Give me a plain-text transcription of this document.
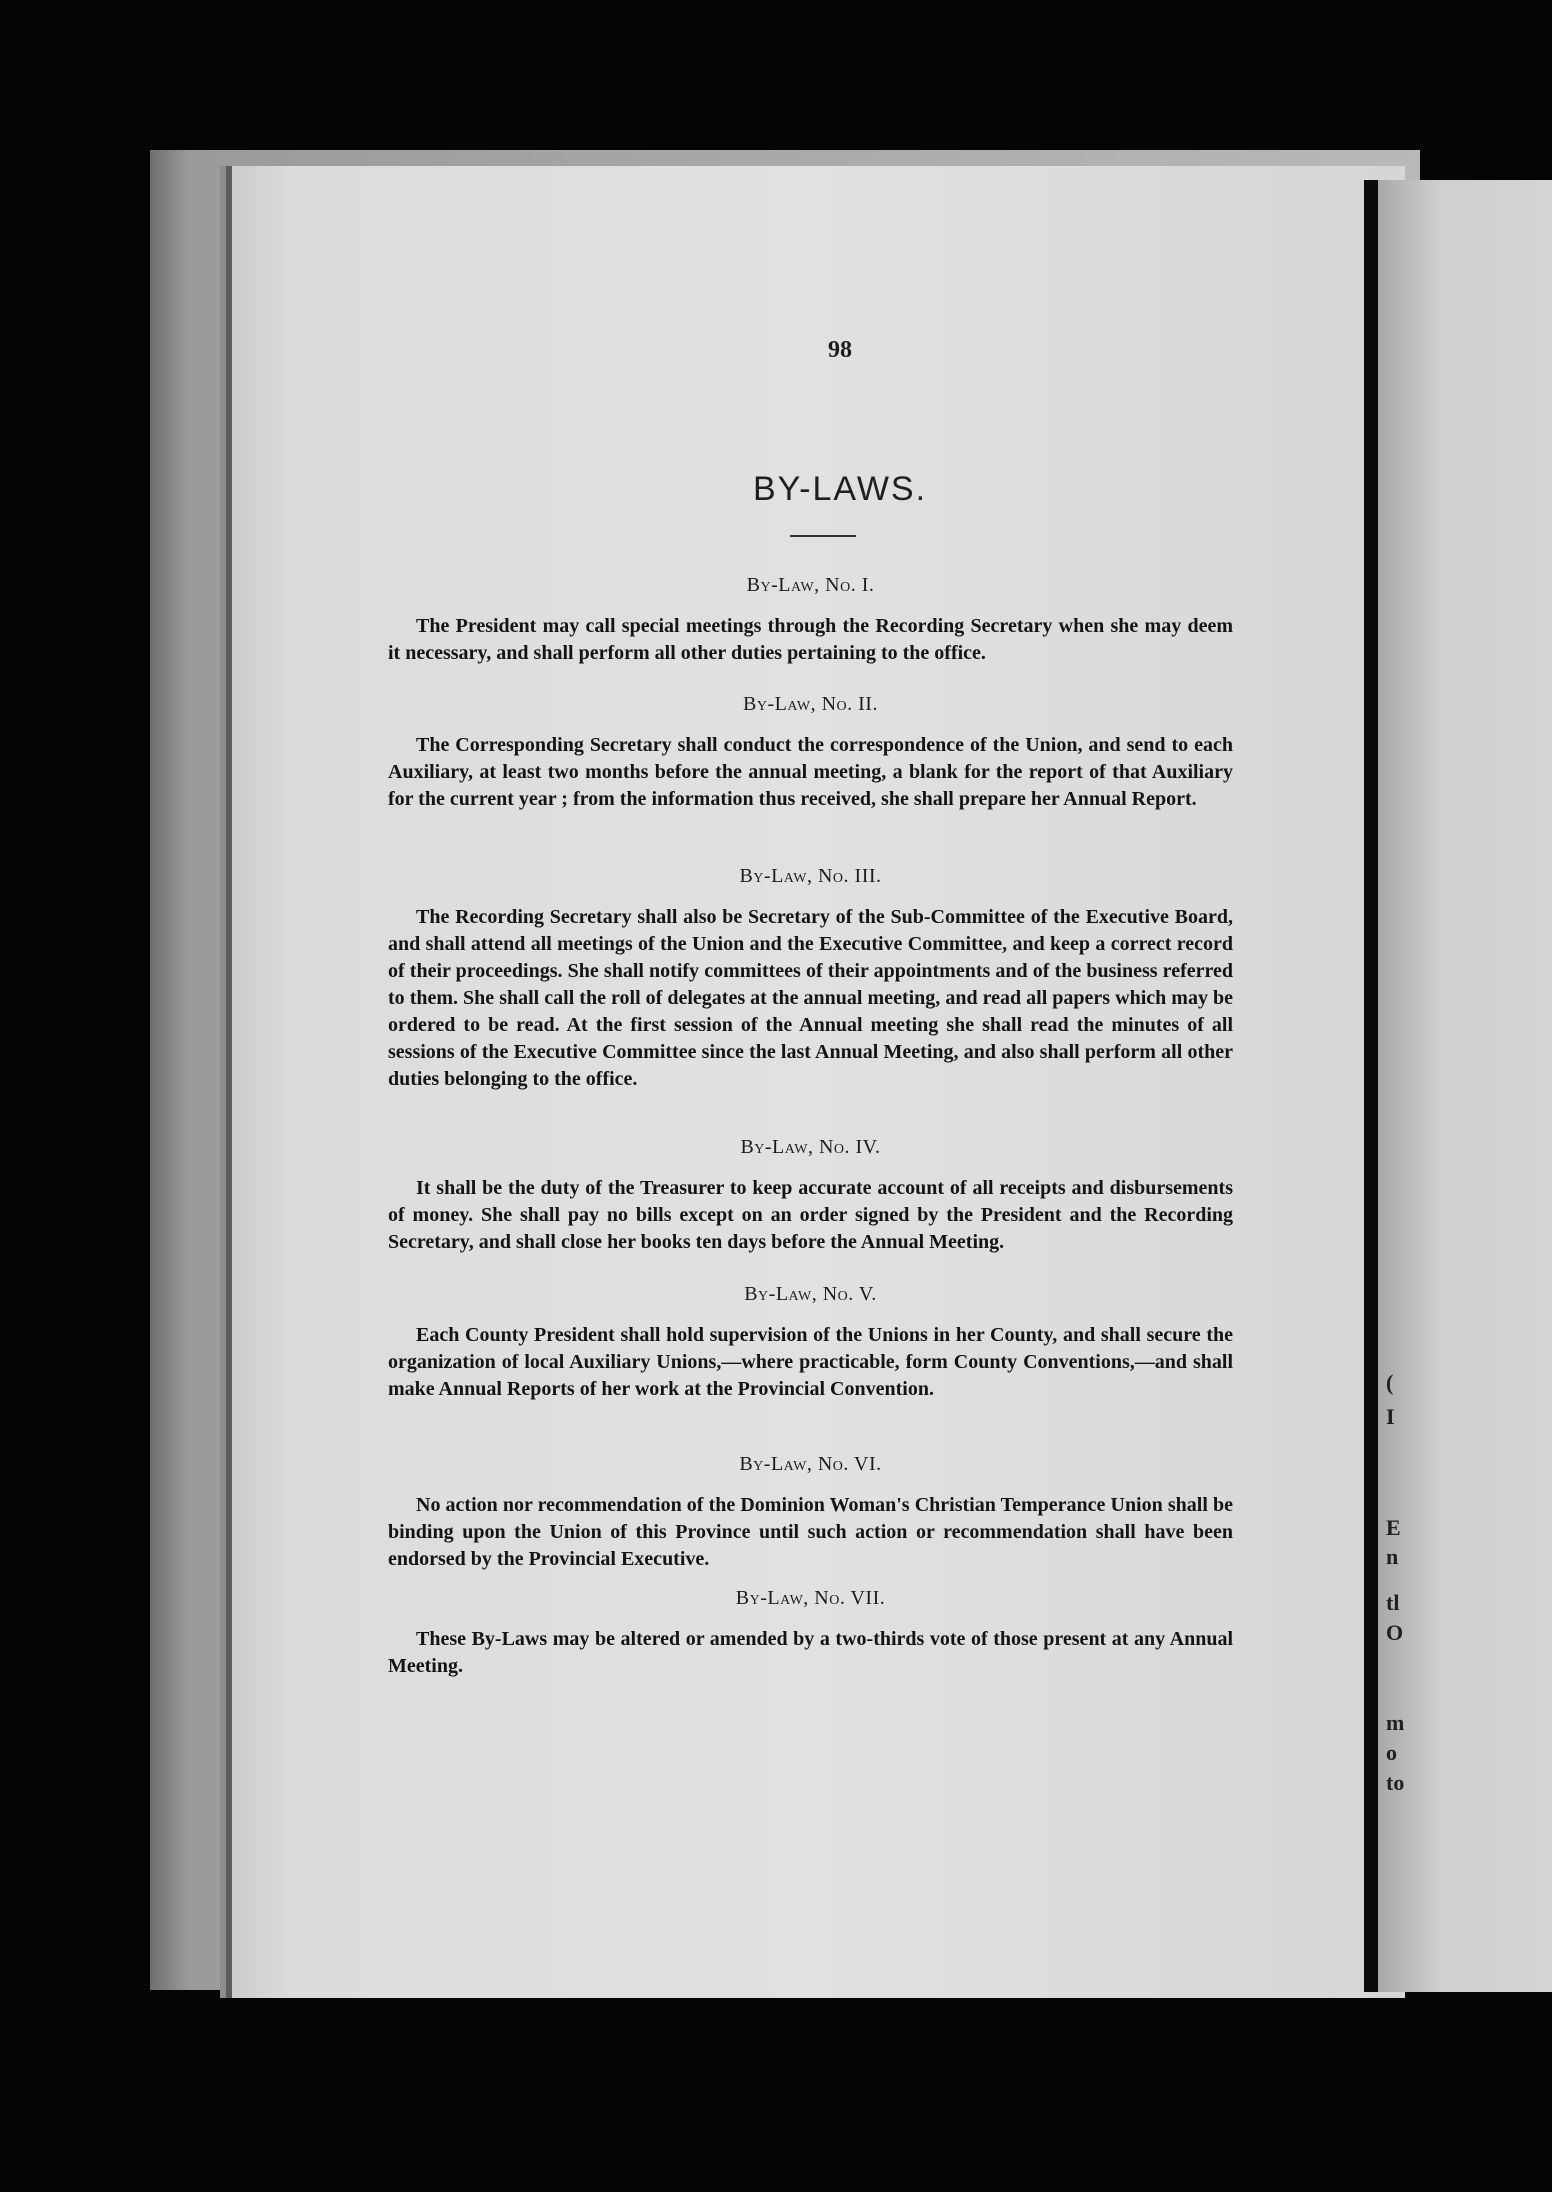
(
I
E
n
tl
O
m
o
to
98
BY-LAWS.
By-Law, No. I.
The President may call special meetings through the Recording Secretary when she may deem it necessary, and shall perform all other duties pertaining to the office.
By-Law, No. II.
The Corresponding Secretary shall conduct the correspondence of the Union, and send to each Auxiliary, at least two months before the annual meeting, a blank for the report of that Auxiliary for the current year ; from the information thus received, she shall prepare her Annual Report.
By-Law, No. III.
The Recording Secretary shall also be Secretary of the Sub-Committee of the Executive Board, and shall attend all meetings of the Union and the Executive Committee, and keep a correct record of their proceedings. She shall notify committees of their appointments and of the business referred to them. She shall call the roll of delegates at the annual meeting, and read all papers which may be ordered to be read. At the first session of the Annual meeting she shall read the minutes of all sessions of the Executive Committee since the last Annual Meeting, and also shall perform all other duties belonging to the office.
By-Law, No. IV.
It shall be the duty of the Treasurer to keep accurate account of all receipts and disbursements of money. She shall pay no bills except on an order signed by the President and the Recording Secretary, and shall close her books ten days before the Annual Meeting.
By-Law, No. V.
Each County President shall hold supervision of the Unions in her County, and shall secure the organization of local Auxiliary Unions,—where practicable, form County Conventions,—and shall make Annual Reports of her work at the Provincial Convention.
By-Law, No. VI.
No action nor recommendation of the Dominion Woman's Christian Temperance Union shall be binding upon the Union of this Province until such action or recommendation shall have been endorsed by the Provincial Executive.
By-Law, No. VII.
These By-Laws may be altered or amended by a two-thirds vote of those present at any Annual Meeting.
